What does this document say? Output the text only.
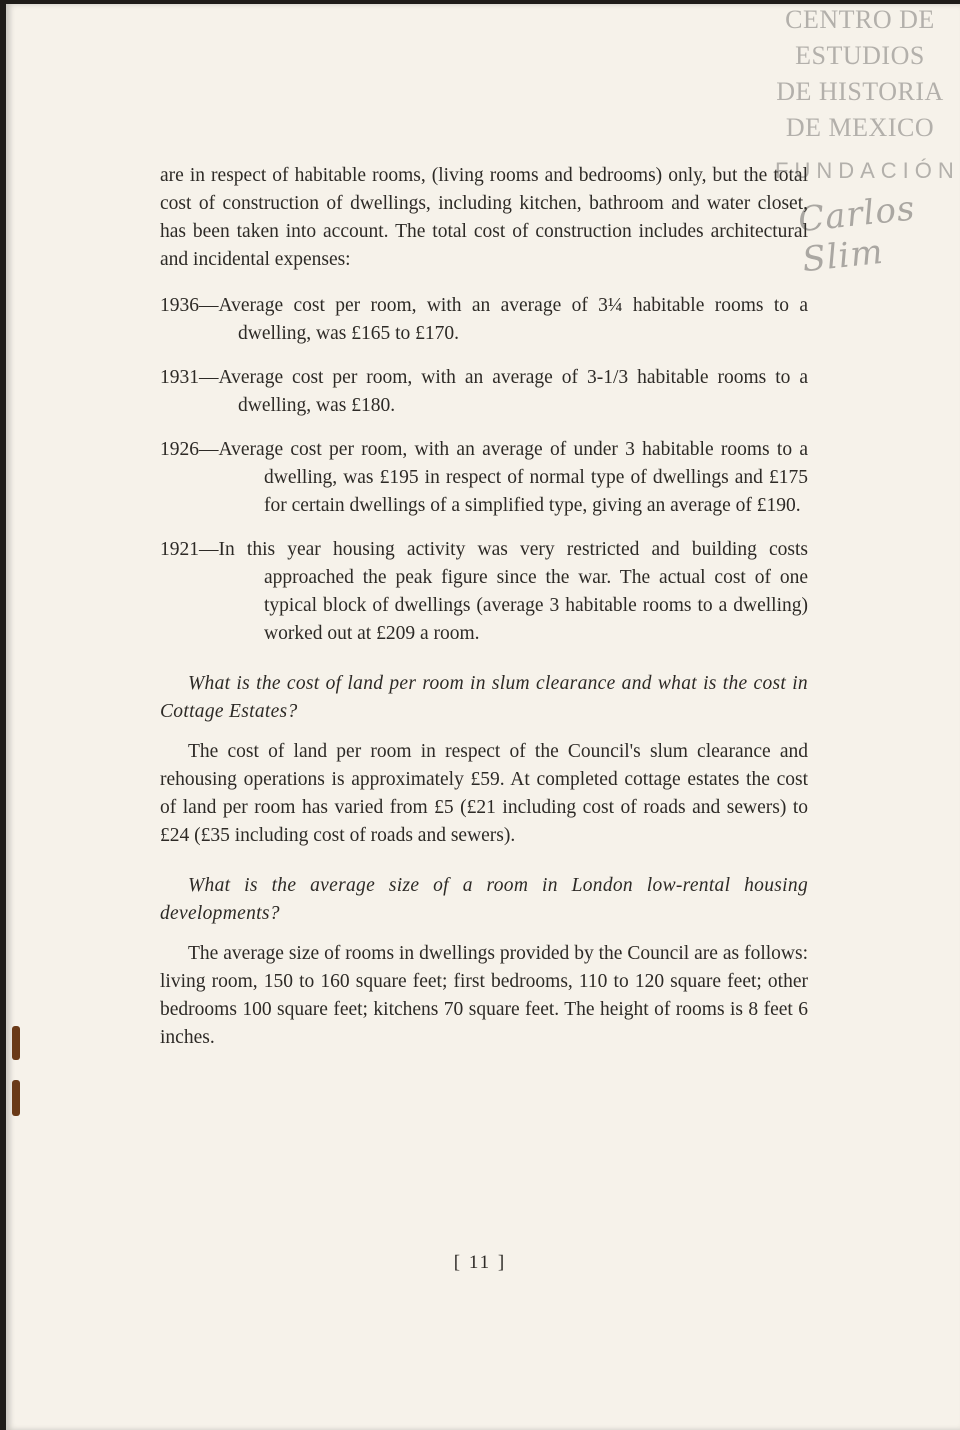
CENTRO DE
ESTUDIOS
DE HISTORIA
DE MEXICO
FUNDACIÓN
Carlos Slim

are in respect of habitable rooms, (living rooms and bedrooms) only, but the total cost of construction of dwellings, including kitchen, bathroom and water closet, has been taken into account. The total cost of construction includes architectural and incidental expenses:

1936—Average cost per room, with an average of 3¼ habitable rooms to a dwelling, was £165 to £170.

1931—Average cost per room, with an average of 3-1/3 habitable rooms to a dwelling, was £180.

1926—Average cost per room, with an average of under 3 habitable rooms to a dwelling, was £195 in respect of normal type of dwellings and £175 for certain dwellings of a simplified type, giving an average of £190.

1921—In this year housing activity was very restricted and building costs approached the peak figure since the war. The actual cost of one typical block of dwellings (average 3 habitable rooms to a dwelling) worked out at £209 a room.

What is the cost of land per room in slum clearance and what is the cost in Cottage Estates?

The cost of land per room in respect of the Council's slum clearance and rehousing operations is approximately £59. At completed cottage estates the cost of land per room has varied from £5 (£21 including cost of roads and sewers) to £24 (£35 including cost of roads and sewers).

What is the average size of a room in London low-rental housing developments?

The average size of rooms in dwellings provided by the Council are as follows: living room, 150 to 160 square feet; first bedrooms, 110 to 120 square feet; other bedrooms 100 square feet; kitchens 70 square feet. The height of rooms is 8 feet 6 inches.

[ 11 ]
